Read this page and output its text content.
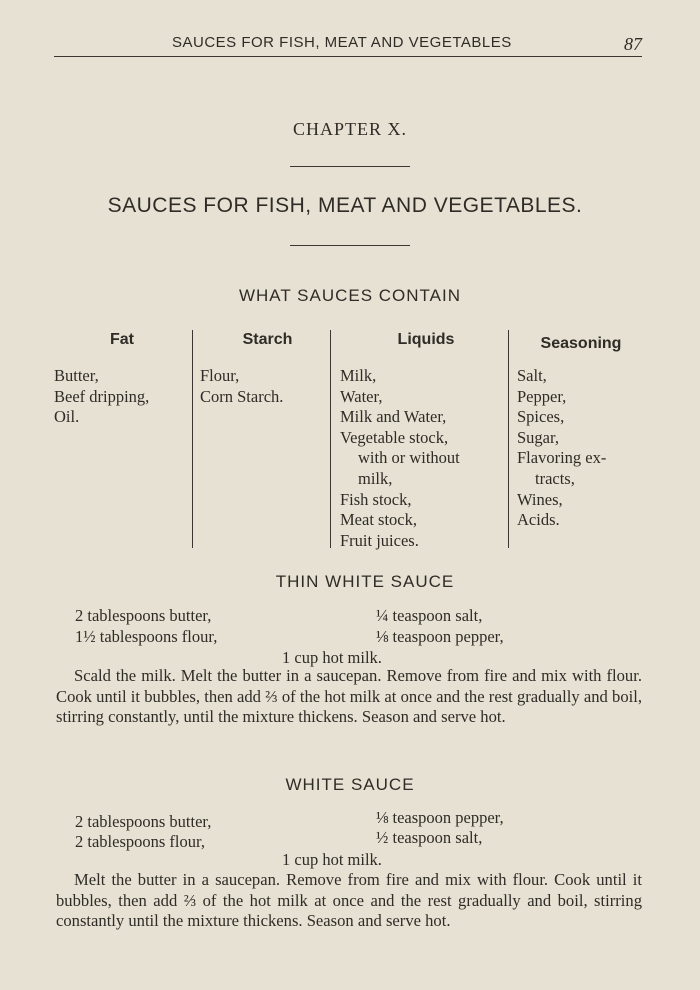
SAUCES FOR FISH, MEAT AND VEGETABLES	87
CHAPTER X.
SAUCES FOR FISH, MEAT AND VEGETABLES.
WHAT SAUCES CONTAIN
Fat
Butter,
Beef dripping,
Oil.
Starch
Flour,
Corn Starch.
Liquids
Milk,
Water,
Milk and Water,
Vegetable stock,
with or without
milk,
Fish stock,
Meat stock,
Fruit juices.
Seasoning
Salt,
Pepper,
Spices,
Sugar,
Flavoring ex-
tracts,
Wines,
Acids.
THIN WHITE SAUCE
2 tablespoons butter,
1½ tablespoons flour,
¼ teaspoon salt,
⅛ teaspoon pepper,
1 cup hot milk.

Scald the milk. Melt the butter in a saucepan. Remove from fire and mix with flour. Cook until it bubbles, then add ⅔ of the hot milk at once and the rest gradually and boil, stirring constantly, until the mixture thickens. Season and serve hot.

WHITE SAUCE
2 tablespoons butter,
2 tablespoons flour,
⅛ teaspoon pepper,
½ teaspoon salt,
1 cup hot milk.

Melt the butter in a saucepan. Remove from fire and mix with flour. Cook until it bubbles, then add ⅔ of the hot milk at once and the rest gradually and boil, stirring constantly until the mixture thickens. Season and serve hot.
